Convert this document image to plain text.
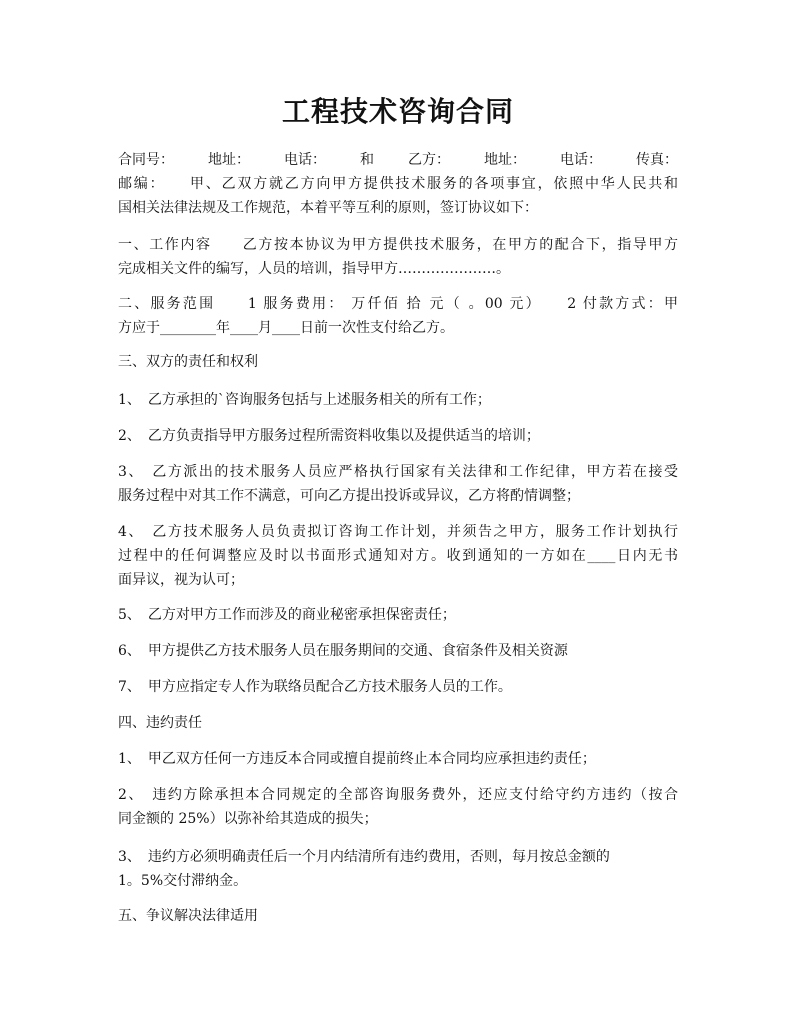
工程技术咨询合同
合同号： 地址： 电话： 和 乙方： 地址： 电话： 传真：
邮编：　　甲、乙双方就乙方向甲方提供技术服务的各项事宜，依照中华人民共和
国相关法律法规及工作规范，本着平等互利的原则，签订协议如下：
一、工作内容　　乙方按本协议为甲方提供技术服务，在甲方的配合下，指导甲方
完成相关文件的编写，人员的培训，指导甲方…………………。
二、服务范围　　1 服务费用： 万仟佰 拾 元（ 。00 元）　　2 付款方式：甲
方应于________年____月____日前一次性支付给乙方。
三、双方的责任和权利
1、　乙方承担的`咨询服务包括与上述服务相关的所有工作；
2、　乙方负责指导甲方服务过程所需资料收集以及提供适当的培训；
3、　乙方派出的技术服务人员应严格执行国家有关法律和工作纪律，甲方若在接受
服务过程中对其工作不满意，可向乙方提出投诉或异议，乙方将酌情调整；
4、　乙方技术服务人员负责拟订咨询工作计划，并须告之甲方，服务工作计划执行
过程中的任何调整应及时以书面形式通知对方。收到通知的一方如在____日内无书
面异议，视为认可；
5、　乙方对甲方工作而涉及的商业秘密承担保密责任；
6、　甲方提供乙方技术服务人员在服务期间的交通、食宿条件及相关资源
7、　甲方应指定专人作为联络员配合乙方技术服务人员的工作。
四、违约责任
1、　甲乙双方任何一方违反本合同或擅自提前终止本合同均应承担违约责任；
2、　违约方除承担本合同规定的全部咨询服务费外，还应支付给守约方违约（按合
同金额的 25%）以弥补给其造成的损失；
3、　违约方必须明确责任后一个月内结清所有违约费用，否则，每月按总金额的
1。5%交付滞纳金。
五、争议解决法律适用
